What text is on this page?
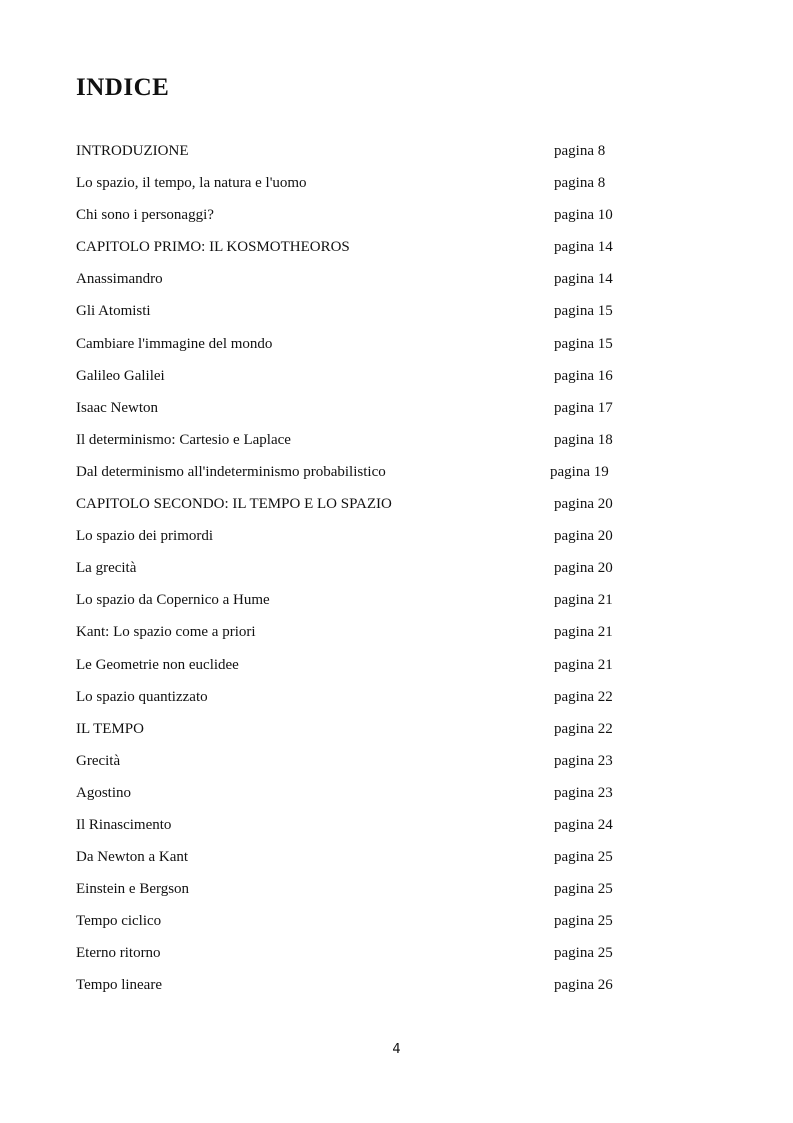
INDICE
INTRODUZIONE	pagina 8
Lo spazio, il tempo, la natura e l'uomo	pagina 8
Chi sono i personaggi?	pagina 10
CAPITOLO PRIMO: IL KOSMOTHEOROS	pagina 14
Anassimandro	pagina 14
Gli Atomisti	pagina 15
Cambiare l'immagine del mondo	pagina 15
Galileo Galilei	pagina 16
Isaac Newton	pagina 17
Il determinismo: Cartesio e Laplace	pagina 18
Dal determinismo all'indeterminismo probabilistico	pagina 19
CAPITOLO SECONDO: IL TEMPO E LO SPAZIO	pagina 20
Lo spazio dei primordi	pagina 20
La grecità	pagina 20
Lo spazio da Copernico a Hume	pagina 21
Kant: Lo spazio come a priori	pagina 21
Le Geometrie non euclidee	pagina 21
Lo spazio quantizzato	pagina 22
IL TEMPO	pagina 22
Grecità	pagina 23
Agostino	pagina 23
Il Rinascimento	pagina 24
Da Newton a Kant	pagina 25
Einstein e Bergson	pagina 25
Tempo ciclico	pagina 25
Eterno ritorno	pagina 25
Tempo lineare	pagina 26
4
